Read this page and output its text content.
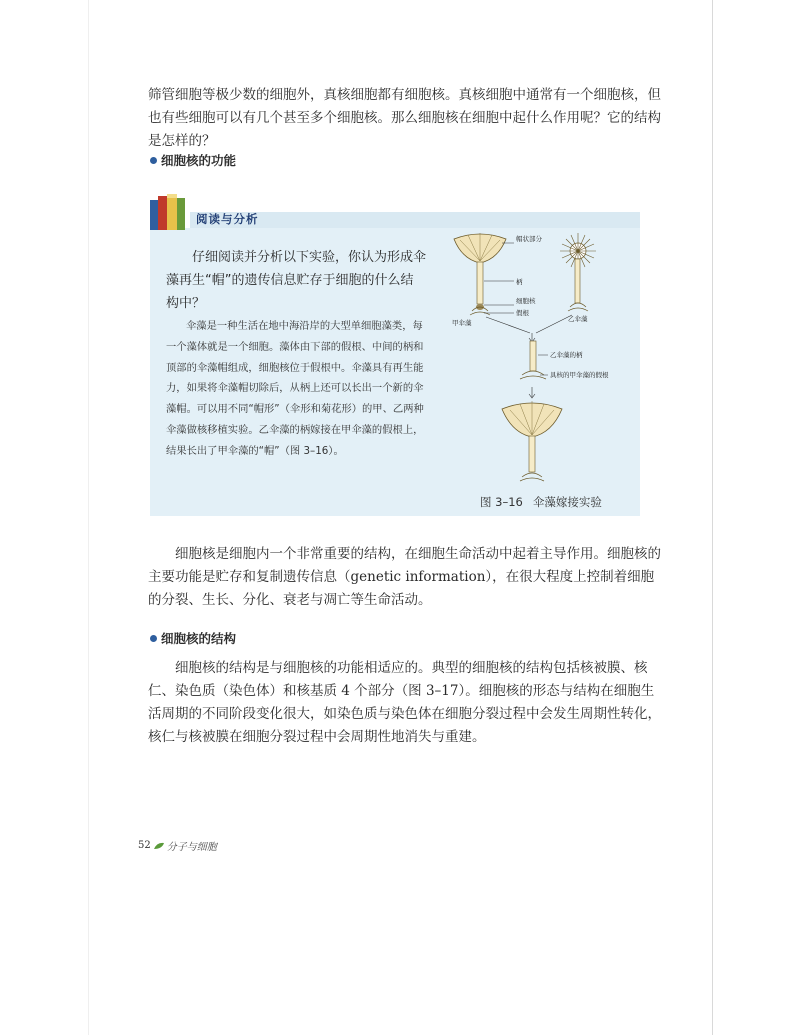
筛管细胞等极少数的细胞外，真核细胞都有细胞核。真核细胞中通常有一个细胞核，但也有些细胞可以有几个甚至多个细胞核。那么细胞核在细胞中起什么作用呢？它的结构是怎样的？

细胞核的功能
阅读与分析

仔细阅读并分析以下实验，你认为形成伞藻再生“帽”的遗传信息贮存于细胞的什么结构中？

伞藻是一种生活在地中海沿岸的大型单细胞藻类，每一个藻体就是一个细胞。藻体由下部的假根、中间的柄和顶部的伞藻帽组成，细胞核位于假根中。伞藻具有再生能力，如果将伞藻帽切除后，从柄上还可以长出一个新的伞藻帽。可以用不同“帽形”（伞形和菊花形）的甲、乙两种伞藻做核移植实验。乙伞藻的柄嫁接在甲伞藻的假根上，结果长出了甲伞藻的“帽”（图 3–16）。

帽状部分
柄
细胞核
假根
甲伞藻	乙伞藻
乙伞藻的柄
具核的甲伞藻的假根
图 3–16 伞藻嫁接实验

细胞核是细胞内一个非常重要的结构，在细胞生命活动中起着主导作用。细胞核的主要功能是贮存和复制遗传信息（genetic information），在很大程度上控制着细胞的分裂、生长、分化、衰老与凋亡等生命活动。

细胞核的结构

细胞核的结构是与细胞核的功能相适应的。典型的细胞核的结构包括核被膜、核仁、染色质（染色体）和核基质 4 个部分（图 3–17）。细胞核的形态与结构在细胞生活周期的不同阶段变化很大，如染色质与染色体在细胞分裂过程中会发生周期性转化，核仁与核被膜在细胞分裂过程中会周期性地消失与重建。

52 分子与细胞
